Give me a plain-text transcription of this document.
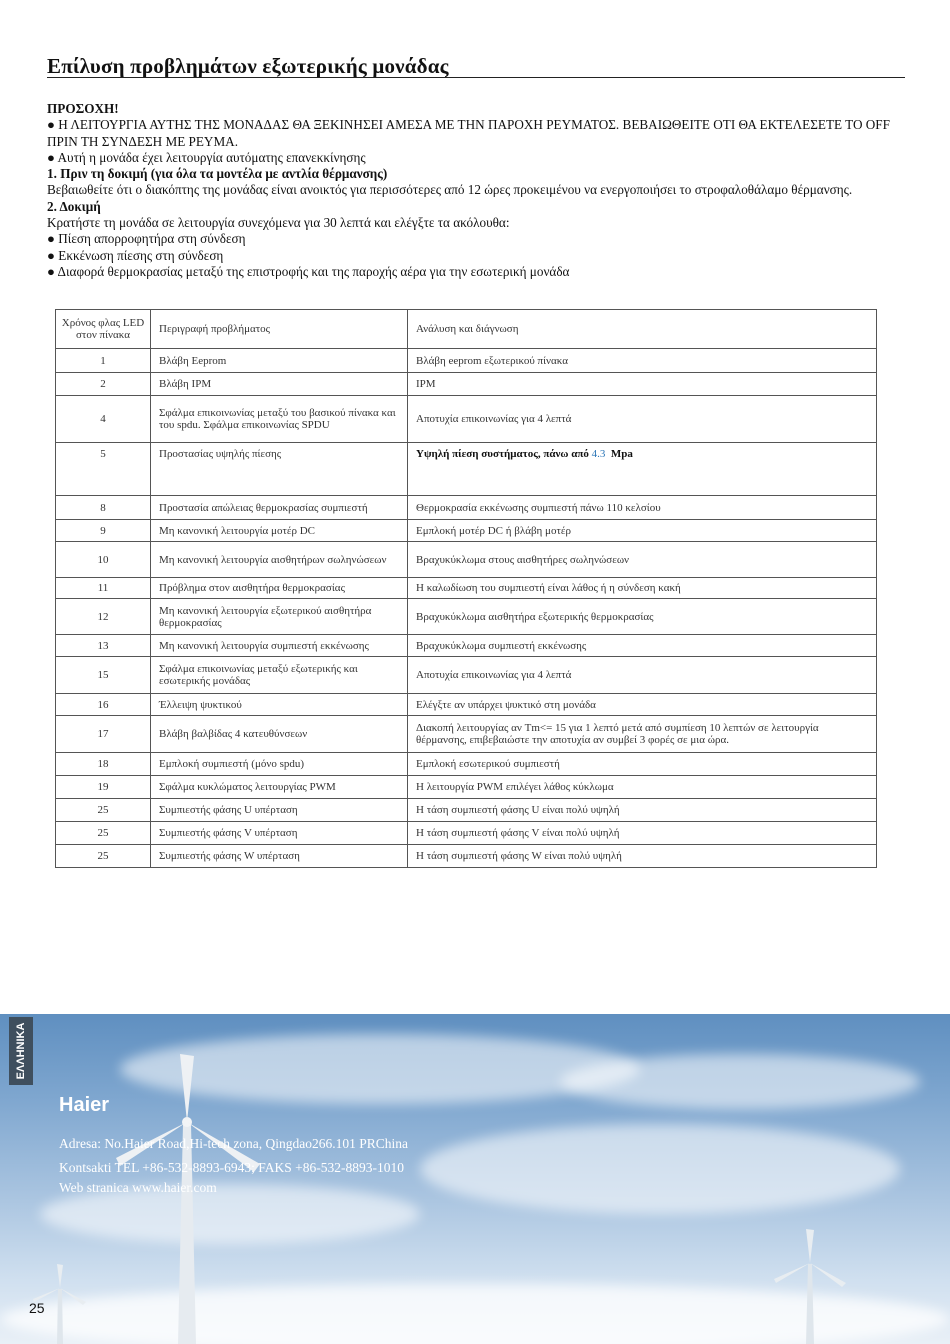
Επίλυση προβλημάτων εξωτερικής μονάδας

ΠΡΟΣΟΧΗ!

● Η ΛΕΙΤΟΥΡΓΙΑ ΑΥΤΗΣ ΤΗΣ ΜΟΝΑΔΑΣ ΘΑ ΞΕΚΙΝΗΣΕΙ ΑΜΕΣΑ ΜΕ ΤΗΝ ΠΑΡΟΧΗ ΡΕΥΜΑΤΟΣ. ΒΕΒΑΙΩΘΕΙΤΕ ΟΤΙ ΘΑ ΕΚΤΕΛΕΣΕΤΕ ΤΟ OFF ΠΡΙΝ ΤΗ ΣΥΝΔΕΣΗ ΜΕ ΡΕΥΜΑ.

● Αυτή η μονάδα έχει λειτουργία αυτόματης επανεκκίνησης

1. Πριν τη δοκιμή (για όλα τα μοντέλα με αντλία θέρμανσης)

Βεβαιωθείτε ότι ο διακόπτης της μονάδας είναι ανοικτός για περισσότερες από 12 ώρες προκειμένου να ενεργοποιήσει το στροφαλοθάλαμο θέρμανσης.

2. Δοκιμή

Κρατήστε τη μονάδα σε λειτουργία συνεχόμενα για 30 λεπτά και ελέγξτε τα ακόλουθα:

● Πίεση απορροφητήρα στη σύνδεση

● Εκκένωση πίεσης στη σύνδεση

● Διαφορά θερμοκρασίας μεταξύ της επιστροφής και της παροχής αέρα για την εσωτερική μονάδα

Χρόνος φλας LED στον πίνακα	Περιγραφή προβλήματος	Ανάλυση και διάγνωση
1	Βλάβη Eeprom	Βλάβη eeprom εξωτερικού πίνακα
2	Βλάβη IPM	IPM
4	Σφάλμα επικοινωνίας μεταξύ του βασικού πίνακα και του spdu. Σφάλμα επικοινωνίας SPDU	Αποτυχία επικοινωνίας για 4 λεπτά
5	Προστασίας υψηλής πίεσης	Υψηλή πίεση συστήματος, πάνω από 4.3 Mpa
8	Προστασία απώλειας θερμοκρασίας συμπιεστή	Θερμοκρασία εκκένωσης συμπιεστή πάνω 110 κελσίου
9	Μη κανονική λειτουργία μοτέρ DC	Εμπλοκή μοτέρ DC ή βλάβη μοτέρ
10	Μη κανονική λειτουργία αισθητήρων σωληνώσεων	Βραχυκύκλωμα στους αισθητήρες σωληνώσεων
11	Πρόβλημα στον αισθητήρα θερμοκρασίας	Η καλωδίωση του συμπιεστή είναι λάθος ή η σύνδεση κακή
12	Μη κανονική λειτουργία εξωτερικού αισθητήρα θερμοκρασίας	Βραχυκύκλωμα αισθητήρα εξωτερικής θερμοκρασίας
13	Μη κανονική λειτουργία συμπιεστή εκκένωσης	Βραχυκύκλωμα συμπιεστή εκκένωσης
15	Σφάλμα επικοινωνίας μεταξύ εξωτερικής και εσωτερικής μονάδας	Αποτυχία επικοινωνίας για 4 λεπτά
16	Έλλειψη ψυκτικού	Ελέγξτε αν υπάρχει ψυκτικό στη μονάδα
17	Βλάβη βαλβίδας 4 κατευθύνσεων	Διακοπή λειτουργίας αν Tm<= 15 για 1 λεπτό μετά από συμπίεση 10 λεπτών σε λειτουργία θέρμανσης, επιβεβαιώστε την αποτυχία αν συμβεί 3 φορές σε μια ώρα.
18	Εμπλοκή συμπιεστή (μόνο spdu)	Εμπλοκή εσωτερικού συμπιεστή
19	Σφάλμα κυκλώματος λειτουργίας PWM	Η λειτουργία PWM επιλέγει λάθος κύκλωμα
25	Συμπιεστής φάσης U υπέρταση	Η τάση συμπιεστή φάσης U είναι πολύ υψηλή
25	Συμπιεστής φάσης V υπέρταση	Η τάση συμπιεστή φάσης V είναι πολύ υψηλή
25	Συμπιεστής φάσης W υπέρταση	Η τάση συμπιεστή φάσης W είναι πολύ υψηλή
ΕΛΛΗΝΙΚΑ
Haier
Adresa: No.Haier Road,Hi-tech zona, Qingdao266.101 PRChina
Kontsakti TEL +86-532-8893-6943; FAKS +86-532-8893-1010
Web stranica www.haier.com
25
